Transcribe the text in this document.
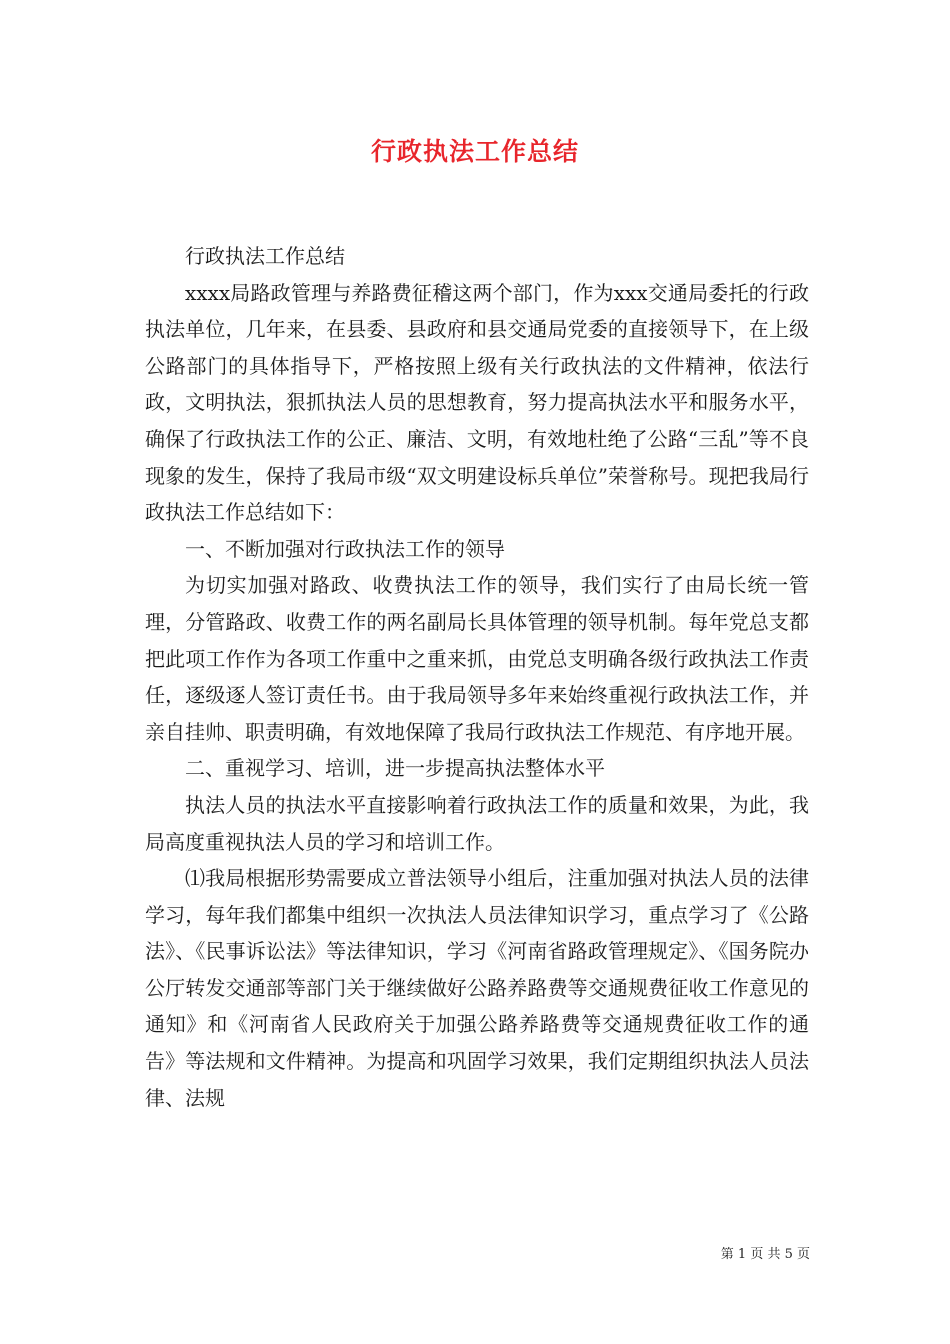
行政执法工作总结

行政执法工作总结

xxxx局路政管理与养路费征稽这两个部门，作为xxx交通局委托的行政执法单位，几年来，在县委、县政府和县交通局党委的直接领导下，在上级公路部门的具体指导下，严格按照上级有关行政执法的文件精神，依法行政，文明执法，狠抓执法人员的思想教育，努力提高执法水平和服务水平，确保了行政执法工作的公正、廉洁、文明，有效地杜绝了公路“三乱”等不良现象的发生，保持了我局市级“双文明建设标兵单位”荣誉称号。现把我局行政执法工作总结如下：

一、不断加强对行政执法工作的领导

为切实加强对路政、收费执法工作的领导，我们实行了由局长统一管理，分管路政、收费工作的两名副局长具体管理的领导机制。每年党总支都把此项工作作为各项工作重中之重来抓，由党总支明确各级行政执法工作责任，逐级逐人签订责任书。由于我局领导多年来始终重视行政执法工作，并亲自挂帅、职责明确，有效地保障了我局行政执法工作规范、有序地开展。

二、重视学习、培训，进一步提高执法整体水平

执法人员的执法水平直接影响着行政执法工作的质量和效果，为此，我局高度重视执法人员的学习和培训工作。

⑴我局根据形势需要成立普法领导小组后，注重加强对执法人员的法律学习，每年我们都集中组织一次执法人员法律知识学习，重点学习了《公路法》、《民事诉讼法》等法律知识，学习《河南省路政管理规定》、《国务院办公厅转发交通部等部门关于继续做好公路养路费等交通规费征收工作意见的通知》和《河南省人民政府关于加强公路养路费等交通规费征收工作的通告》等法规和文件精神。为提高和巩固学习效果，我们定期组织执法人员法律、法规

第 1 页 共 5 页
